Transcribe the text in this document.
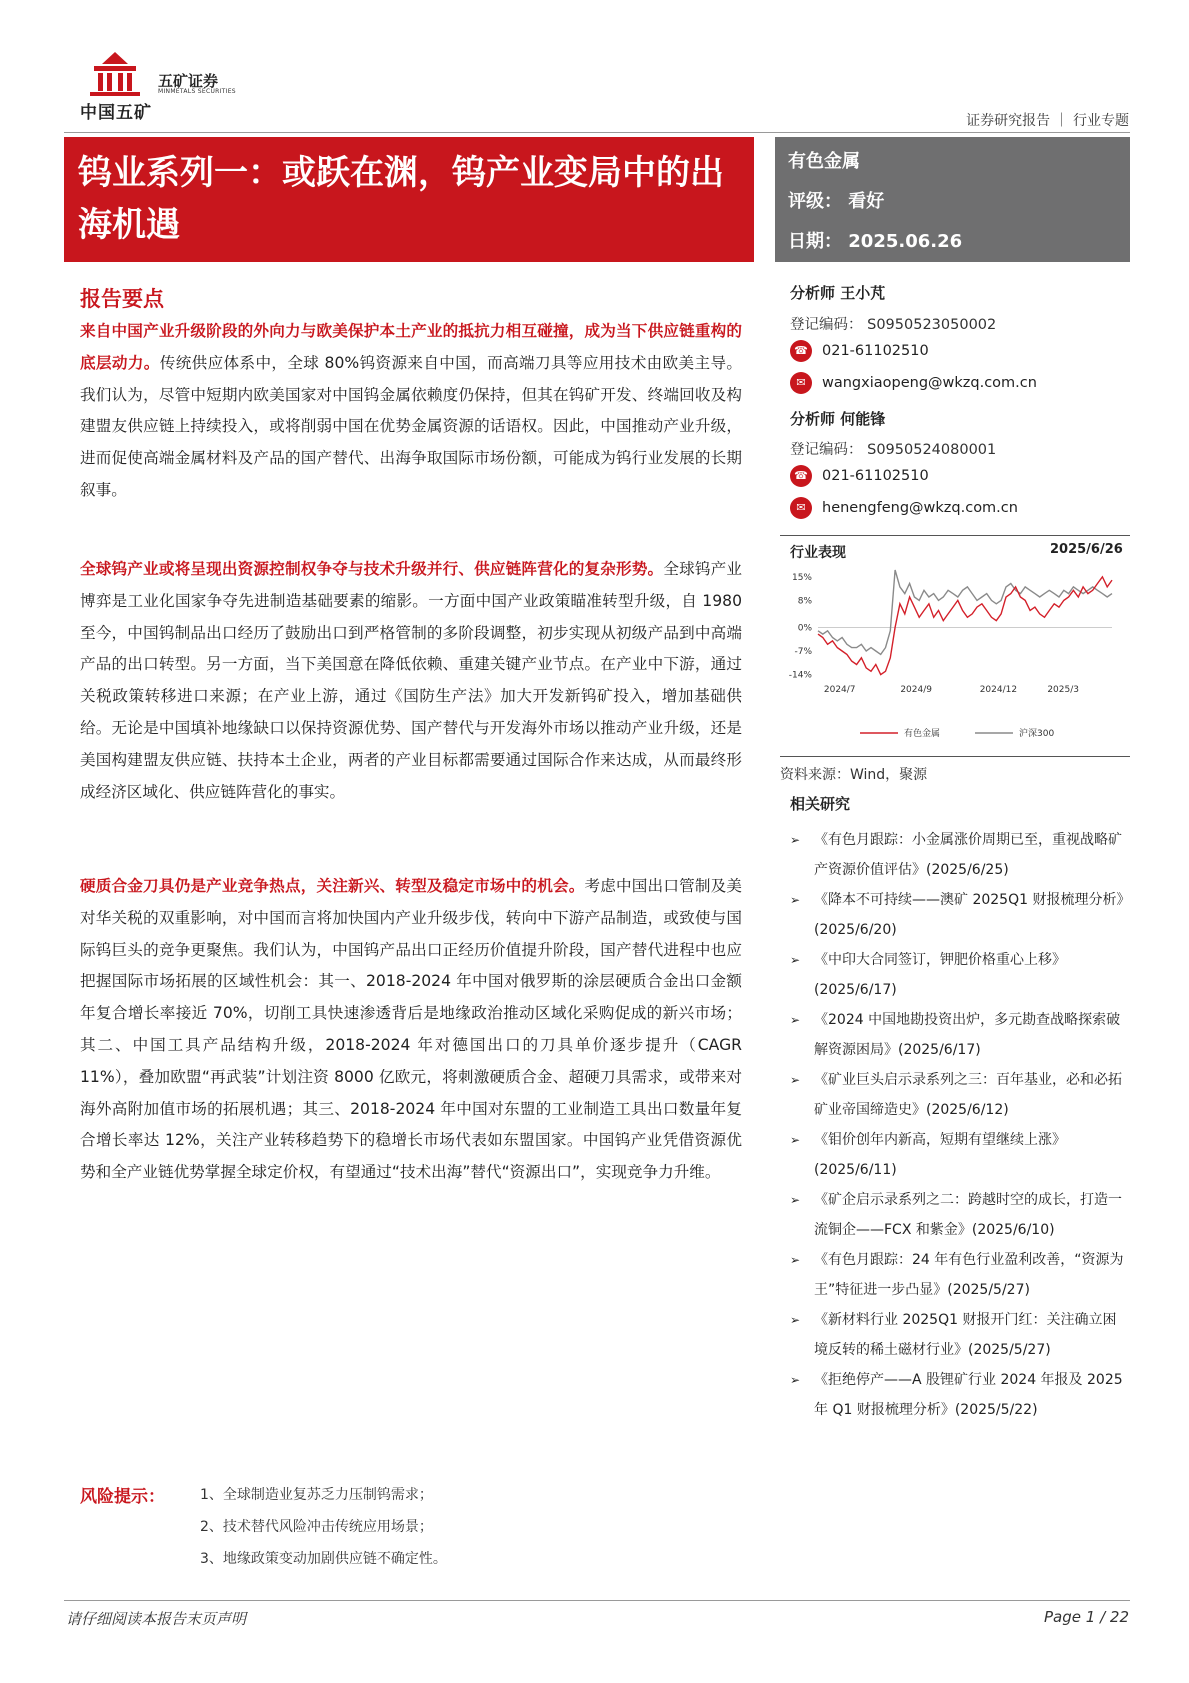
中国五矿
五矿证券
MINMETALS SECURITIES
证券研究报告 ｜ 行业专题
钨业系列一：或跃在渊，钨产业变局中的出海机遇
有色金属
评级： 看好
日期： 2025.06.26
报告要点
来自中国产业升级阶段的外向力与欧美保护本土产业的抵抗力相互碰撞，成为当下供应链重构的底层动力。传统供应体系中，全球 80%钨资源来自中国，而高端刀具等应用技术由欧美主导。我们认为，尽管中短期内欧美国家对中国钨金属依赖度仍保持，但其在钨矿开发、终端回收及构建盟友供应链上持续投入，或将削弱中国在优势金属资源的话语权。因此，中国推动产业升级，进而促使高端金属材料及产品的国产替代、出海争取国际市场份额，可能成为钨行业发展的长期叙事。
全球钨产业或将呈现出资源控制权争夺与技术升级并行、供应链阵营化的复杂形势。全球钨产业博弈是工业化国家争夺先进制造基础要素的缩影。一方面中国产业政策瞄准转型升级，自 1980 至今，中国钨制品出口经历了鼓励出口到严格管制的多阶段调整，初步实现从初级产品到中高端产品的出口转型。另一方面，当下美国意在降低依赖、重建关键产业节点。在产业中下游，通过关税政策转移进口来源；在产业上游，通过《国防生产法》加大开发新钨矿投入，增加基础供给。无论是中国填补地缘缺口以保持资源优势、国产替代与开发海外市场以推动产业升级，还是美国构建盟友供应链、扶持本土企业，两者的产业目标都需要通过国际合作来达成，从而最终形成经济区域化、供应链阵营化的事实。
硬质合金刀具仍是产业竞争热点，关注新兴、转型及稳定市场中的机会。考虑中国出口管制及美对华关税的双重影响，对中国而言将加快国内产业升级步伐，转向中下游产品制造，或致使与国际钨巨头的竞争更聚焦。我们认为，中国钨产品出口正经历价值提升阶段，国产替代进程中也应把握国际市场拓展的区域性机会：其一、2018-2024 年中国对俄罗斯的涂层硬质合金出口金额年复合增长率接近 70%，切削工具快速渗透背后是地缘政治推动区域化采购促成的新兴市场；其二、中国工具产品结构升级，2018-2024 年对德国出口的刀具单价逐步提升（CAGR 11%），叠加欧盟“再武装”计划注资 8000 亿欧元，将刺激硬质合金、超硬刀具需求，或带来对海外高附加值市场的拓展机遇；其三、2018-2024 年中国对东盟的工业制造工具出口数量年复合增长率达 12%，关注产业转移趋势下的稳增长市场代表如东盟国家。中国钨产业凭借资源优势和全产业链优势掌握全球定价权，有望通过“技术出海”替代“资源出口”，实现竞争力升维。
风险提示：	1、全球制造业复苏乏力压制钨需求；
2、技术替代风险冲击传统应用场景；
3、地缘政策变动加剧供应链不确定性。
分析师 王小芃
登记编码： S0950523050002
☎ 021-61102510
✉ wangxiaopeng@wkzq.com.cn
分析师 何能锋
登记编码： S0950524080001
☎ 021-61102510
✉ henengfeng@wkzq.com.cn
行业表现	2025/6/26
15%
8%
0%
-7%
-14%
2024/7	2024/9	2024/12	2025/3
有色金属	沪深300
资料来源：Wind，聚源
相关研究
➢ 《有色月跟踪：小金属涨价周期已至，重视战略矿产资源价值评估》(2025/6/25)
➢ 《降本不可持续——澳矿 2025Q1 财报梳理分析》(2025/6/20)
➢ 《中印大合同签订，钾肥价格重心上移》(2025/6/17)
➢ 《2024 中国地勘投资出炉，多元勘查战略探索破解资源困局》(2025/6/17)
➢ 《矿业巨头启示录系列之三：百年基业，必和必拓矿业帝国缔造史》(2025/6/12)
➢ 《钼价创年内新高，短期有望继续上涨》(2025/6/11)
➢ 《矿企启示录系列之二：跨越时空的成长，打造一流铜企——FCX 和紫金》(2025/6/10)
➢ 《有色月跟踪：24 年有色行业盈利改善，“资源为王”特征进一步凸显》(2025/5/27)
➢ 《新材料行业 2025Q1 财报开门红：关注确立困境反转的稀土磁材行业》(2025/5/27)
➢ 《拒绝停产——A 股锂矿行业 2024 年报及 2025 年 Q1 财报梳理分析》(2025/5/22)
请仔细阅读本报告末页声明	Page 1 / 22
